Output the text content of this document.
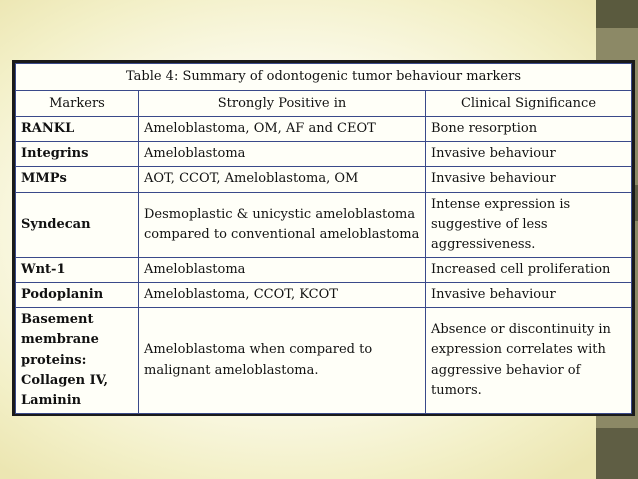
Table 4: Summary of odontogenic tumor behaviour markers		
Markers	Strongly Positive in	Clinical Significance
RANKL	Ameloblastoma, OM, AF and CEOT	Bone resorption
Integrins	Ameloblastoma	Invasive behaviour
MMPs	AOT, CCOT, Ameloblastoma, OM	Invasive behaviour
Syndecan	Desmoplastic & unicystic ameloblastoma compared to conventional ameloblastoma	Intense expression is suggestive of less aggressiveness.
Wnt-1	Ameloblastoma	Increased cell proliferation
Podoplanin	Ameloblastoma, CCOT, KCOT	Invasive behaviour
Basement membrane proteins: Collagen IV, Laminin	Ameloblastoma when compared to malignant ameloblastoma.	Absence or discontinuity in expression correlates with aggressive behavior of tumors.
